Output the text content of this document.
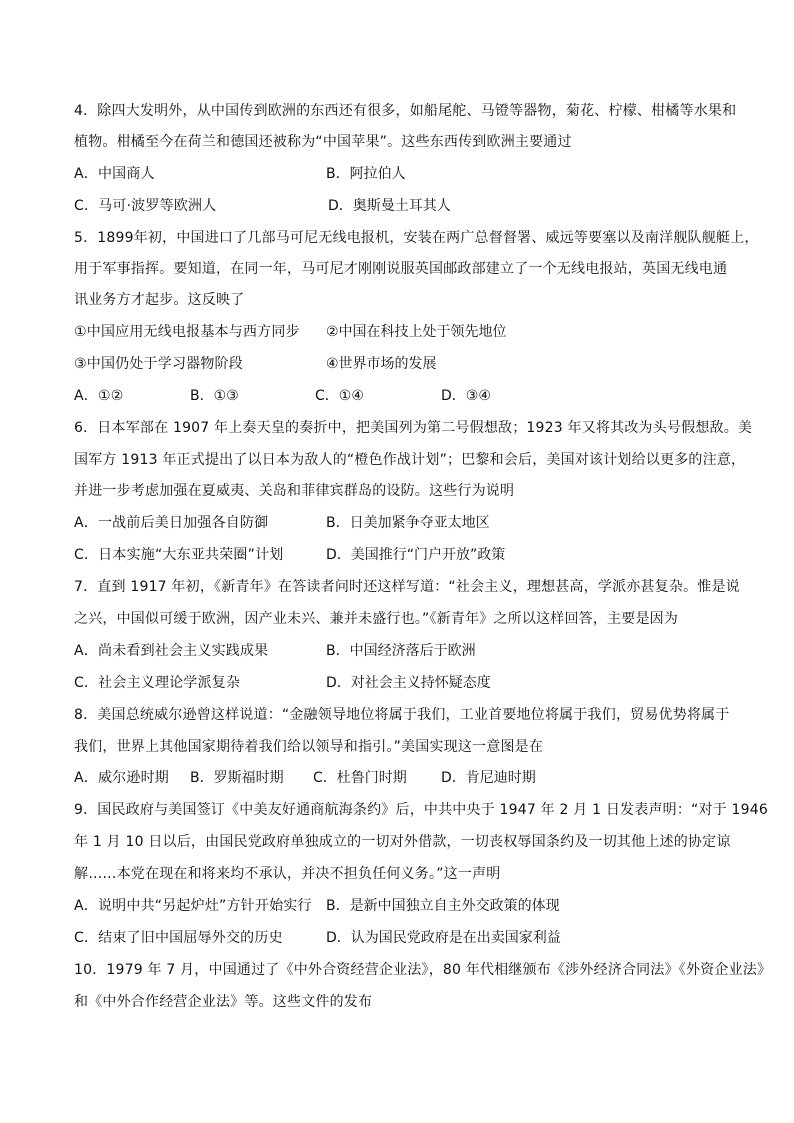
4．除四大发明外，从中国传到欧洲的东西还有很多，如船尾舵、马镫等器物，菊花、柠檬、柑橘等水果和
植物。柑橘至今在荷兰和德国还被称为“中国苹果”。这些东西传到欧洲主要通过
A．中国商人	B．阿拉伯人
C．马可·波罗等欧洲人	D．奥斯曼土耳其人
5．1899年初，中国进口了几部马可尼无线电报机，安装在两广总督督署、威远等要塞以及南洋舰队舰艇上，
用于军事指挥。要知道，在同一年，马可尼才刚刚说服英国邮政部建立了一个无线电报站，英国无线电通
讯业务方才起步。这反映了
①中国应用无线电报基本与西方同步 ②中国在科技上处于领先地位
③中国仍处于学习器物阶段	④世界市场的发展
A．①②	B．①③	C．①④	D．③④
6．日本军部在 1907 年上奏天皇的奏折中，把美国列为第二号假想敌；1923 年又将其改为头号假想敌。美
国军方 1913 年正式提出了以日本为敌人的“橙色作战计划”；巴黎和会后，美国对该计划给以更多的注意，
并进一步考虑加强在夏威夷、关岛和菲律宾群岛的设防。这些行为说明
A．一战前后美日加强各自防御	B．日美加紧争夺亚太地区
C．日本实施“大东亚共荣圈”计划	D．美国推行“门户开放”政策
7．直到 1917 年初，《新青年》在答读者问时还这样写道：“社会主义，理想甚高，学派亦甚复杂。惟是说
之兴，中国似可缓于欧洲，因产业未兴、兼并未盛行也。”《新青年》之所以这样回答，主要是因为
A．尚未看到社会主义实践成果	B．中国经济落后于欧洲
C．社会主义理论学派复杂	D．对社会主义持怀疑态度
8．美国总统威尔逊曾这样说道：“金融领导地位将属于我们，工业首要地位将属于我们，贸易优势将属于
我们，世界上其他国家期待着我们给以领导和指引。”美国实现这一意图是在
A．威尔逊时期 B．罗斯福时期 C．杜鲁门时期 D．肯尼迪时期
9．国民政府与美国签订《中美友好通商航海条约》后，中共中央于 1947 年 2 月 1 日发表声明：“对于 1946
年 1 月 10 日以后，由国民党政府单独成立的一切对外借款，一切丧权辱国条约及一切其他上述的协定谅
解……本党在现在和将来均不承认，并决不担负任何义务。”这一声明
A．说明中共“另起炉灶”方针开始实行 B．是新中国独立自主外交政策的体现
C．结束了旧中国屈辱外交的历史	D．认为国民党政府是在出卖国家利益
10．1979 年 7 月，中国通过了《中外合资经营企业法》，80 年代相继颁布《涉外经济合同法》《外资企业法》
和《中外合作经营企业法》等。这些文件的发布
